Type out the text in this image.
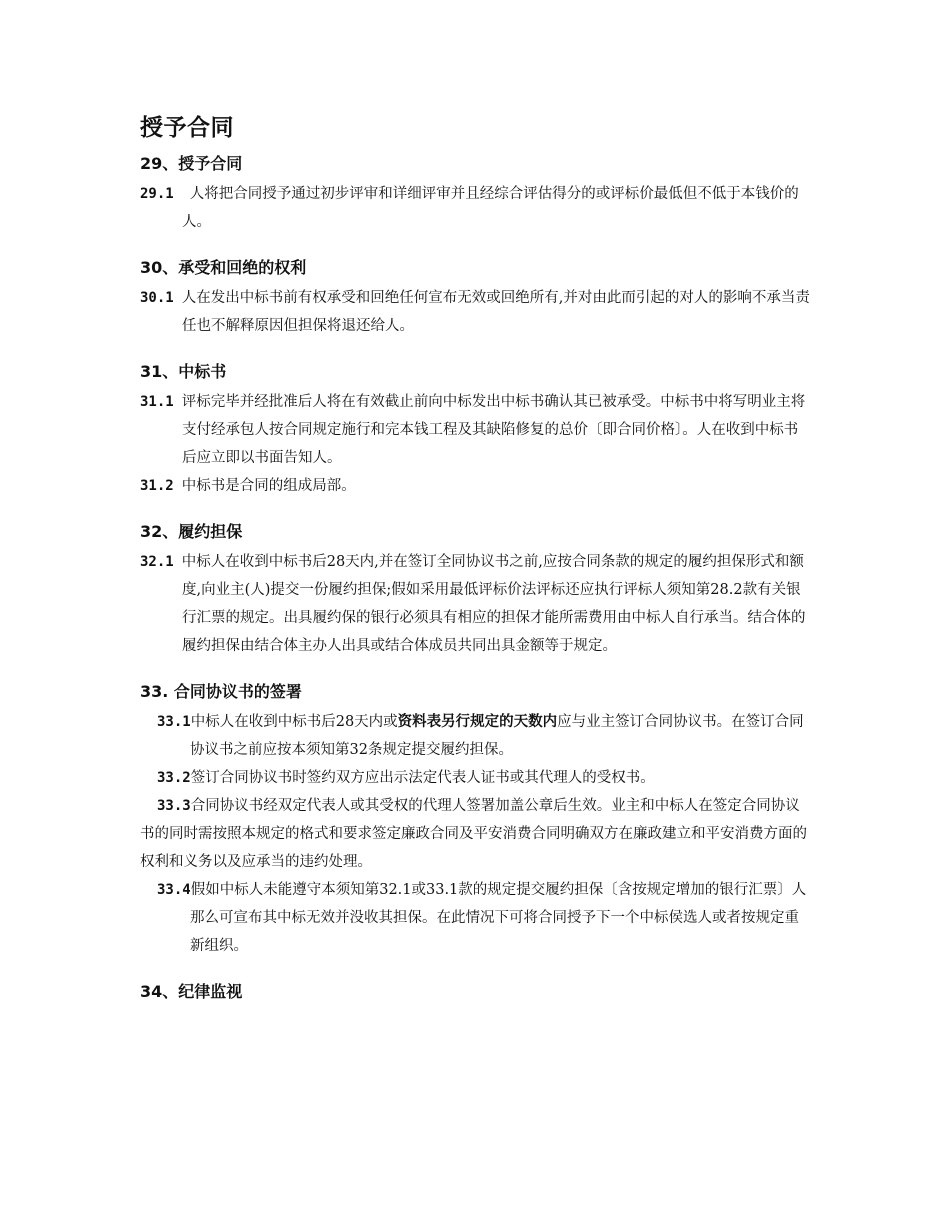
授予合同
29、授予合同

29.1 人将把合同授予通过初步评审和详细评审并且经综合评估得分的或评标价最低但不低于本钱价的人。

30、承受和回绝的权利

30.1 人在发出中标书前有权承受和回绝任何宣布无效或回绝所有,并对由此而引起的对人的影响不承当责任也不解释原因但担保将退还给人。

31、中标书

31.1 评标完毕并经批准后人将在有效截止前向中标发出中标书确认其已被承受。中标书中将写明业主将支付经承包人按合同规定施行和完本钱工程及其缺陷修复的总价〔即合同价格〕。人在收到中标书后应立即以书面告知人。

31.2 中标书是合同的组成局部。

32、履约担保

32.1 中标人在收到中标书后28天内,并在签订全同协议书之前,应按合同条款的规定的履约担保形式和额度,向业主(人)提交一份履约担保;假如采用最低评标价法评标还应执行评标人须知第28.2款有关银行汇票的规定。出具履约保的银行必须具有相应的担保才能所需费用由中标人自行承当。结合体的履约担保由结合体主办人出具或结合体成员共同出具金额等于规定。

33. 合同协议书的签署

33.1中标人在收到中标书后28天内或资料表另行规定的天数内应与业主签订合同协议书。在签订合同协议书之前应按本须知第32条规定提交履约担保。

33.2签订合同协议书时签约双方应出示法定代表人证书或其代理人的受权书。

33.3合同协议书经双定代表人或其受权的代理人签署加盖公章后生效。业主和中标人在签定合同协议书的同时需按照本规定的格式和要求签定廉政合同及平安消费合同明确双方在廉政建立和平安消费方面的权利和义务以及应承当的违约处理。

33.4假如中标人未能遵守本须知第32.1或33.1款的规定提交履约担保〔含按规定增加的银行汇票〕人那么可宣布其中标无效并没收其担保。在此情况下可将合同授予下一个中标侯选人或者按规定重新组织。

34、纪律监视
